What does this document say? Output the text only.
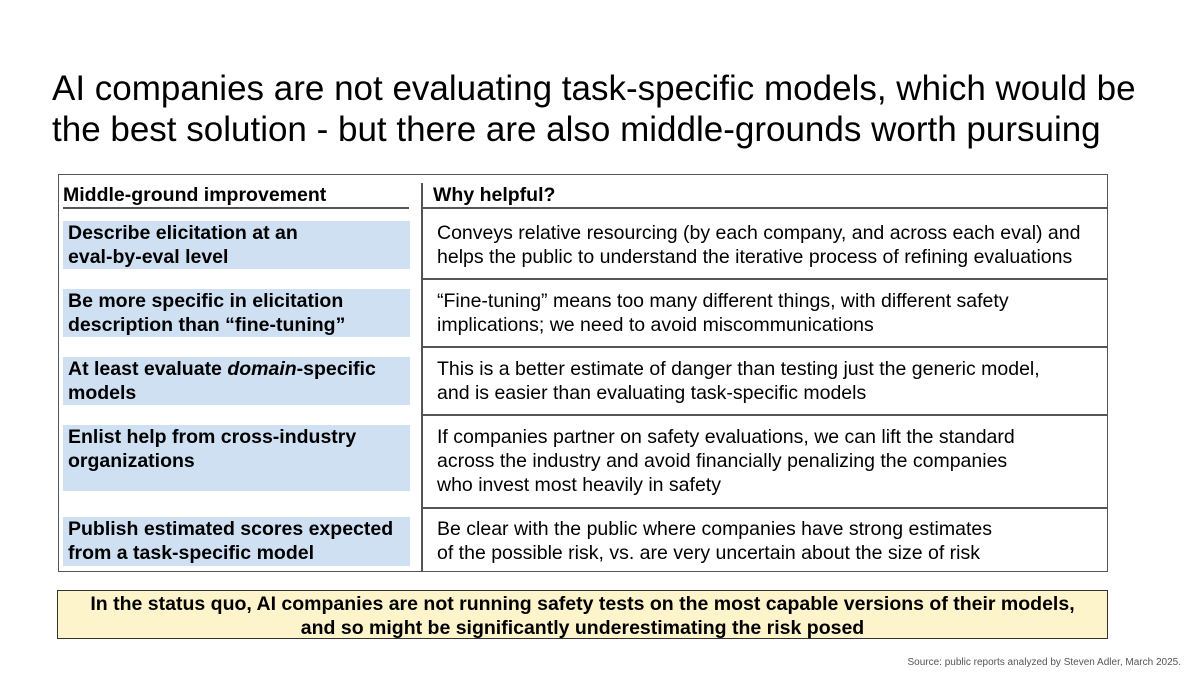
AI companies are not evaluating task-specific models, which would be
the best solution - but there are also middle-grounds worth pursuing
Middle-ground improvement	Why helpful?
Describe elicitation at an
eval-by-eval level
Conveys relative resourcing (by each company, and across each eval) and
helps the public to understand the iterative process of refining evaluations
Be more specific in elicitation
description than “fine-tuning”
“Fine-tuning” means too many different things, with different safety
implications; we need to avoid miscommunications
At least evaluate domain-specific
models
This is a better estimate of danger than testing just the generic model,
and is easier than evaluating task-specific models
Enlist help from cross-industry
organizations
If companies partner on safety evaluations, we can lift the standard
across the industry and avoid financially penalizing the companies
who invest most heavily in safety
Publish estimated scores expected
from a task-specific model
Be clear with the public where companies have strong estimates
of the possible risk, vs. are very uncertain about the size of risk
In the status quo, AI companies are not running safety tests on the most capable versions of their models,
and so might be significantly underestimating the risk posed
Source: public reports analyzed by Steven Adler, March 2025.
